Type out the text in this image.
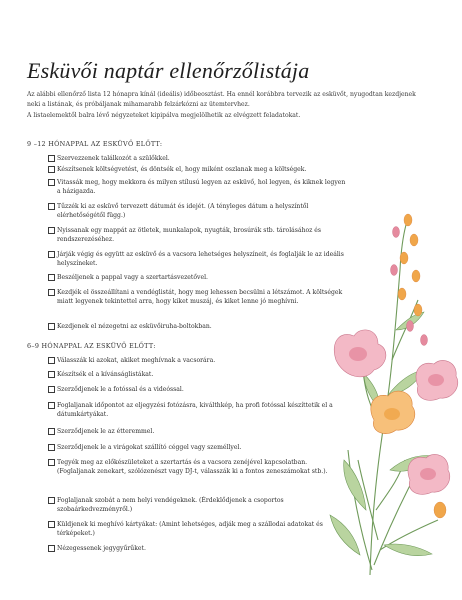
Esküvői naptár ellenőrzőlistája

Az alábbi ellenőrző lista 12 hónapra kínál (ideális) időbeosztást. Ha ennél korábbra tervezik az esküvőt, nyugodtan kezdjenek neki a listának, és próbáljanak mihamarabb felzárkózni az ütemtervhez.

A listaelemektől balra lévő négyzeteket kipipálva megjelölhetik az elvégzett feladatokat.

9 –12 HÓNAPPAL AZ ESKÜVŐ ELŐTT:
Szervezzenek találkozót a szülőkkel.
Készítsenek költségvetést, és döntsék el, hogy miként oszlanak meg a költségek.
Vitassák meg, hogy mekkora és milyen stílusú legyen az esküvő, hol legyen, és kiknek legyen a házigazda.
Tűzzék ki az esküvő tervezett dátumát és idejét. (A tényleges dátum a helyszíntől elérhetőségétől függ.)
Nyissanak egy mappát az ötletek, munkalapok, nyugták, brosúrák stb. tárolásához és rendszerezéséhez.
Járják végig és együtt az esküvő és a vacsora lehetséges helyszíneit, és foglalják le az ideális helyszíneket.
Beszéljenek a pappal vagy a szertartásvezetővel.
Kezdjék el összeállítani a vendéglistát, hogy meg lehessen becsülni a létszámot. A költségek miatt legyenek tekintettel arra, hogy kiket muszáj, és kiket lenne jó meghívni.
Kezdjenek el nézegetni az esküvőiruha-boltokban.
6–9 HÓNAPPAL AZ ESKÜVŐ ELŐTT:
Válasszák ki azokat, akiket meghívnak a vacsorára.
Készítsék el a kívánságlistákat.
Szerződjenek le a fotóssal és a videóssal.
Foglaljanak időpontot az eljegyzési fotózásra, kiválthkép, ha profi fotóssal készíttetik el a dátumkártyákat.
Szerződjenek le az étteremmel.
Szerződjenek le a virágokat szállító céggel vagy személlyel.
Tegyék meg az előkészületeket a szertartás és a vacsora zenéjével kapcsolatban. (Foglaljanak zenekart, szólózenészt vagy DJ-t, válasszák ki a fontos zeneszámokat stb.).
Foglaljanak szobát a nem helyi vendégeknek. (Érdeklődjenek a csoportos szobaárkedvezményről.)
Küldjenek ki meghívó kártyákat: (Amint lehetséges, adják meg a szállodai adatokat és térképeket.)
Nézegessenek jegygyűrűket.
